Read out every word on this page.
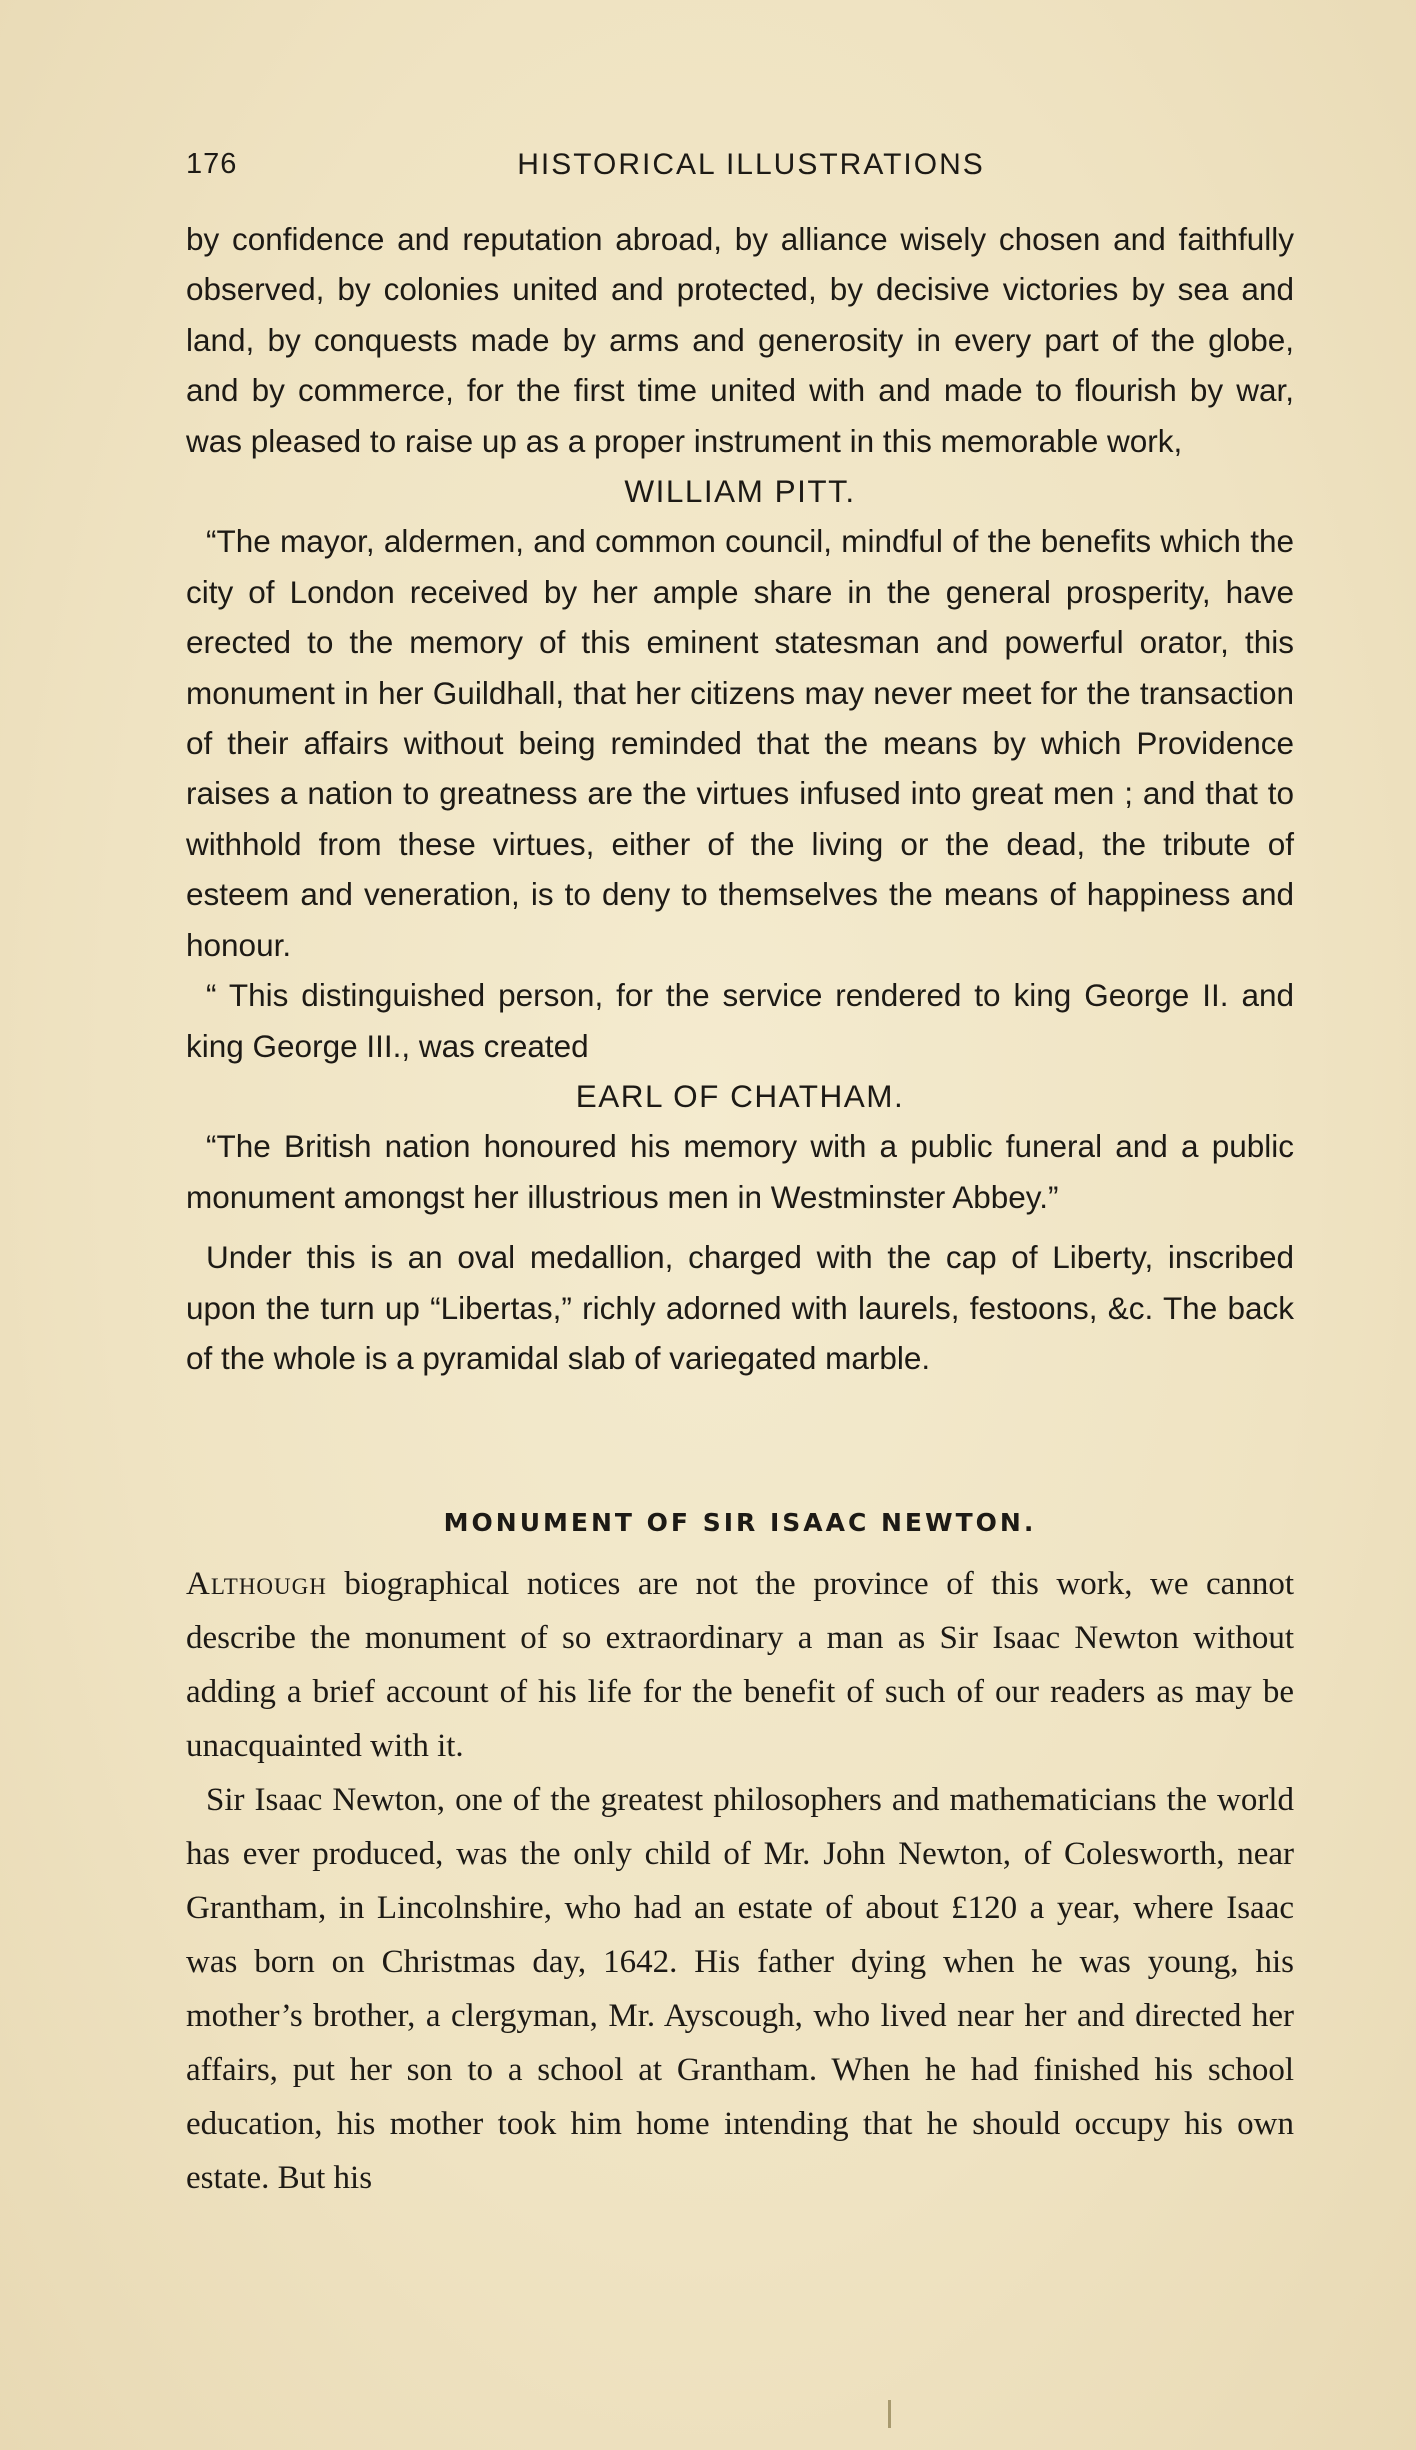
176	HISTORICAL ILLUSTRATIONS

by confidence and reputation abroad, by alliance wisely chosen and faithfully observed, by colonies united and protected, by decisive victories by sea and land, by conquests made by arms and generosity in every part of the globe, and by commerce, for the first time united with and made to flourish by war, was pleased to raise up as a proper instrument in this memorable work,

WILLIAM PITT.

“The mayor, aldermen, and common council, mindful of the benefits which the city of London received by her ample share in the general prosperity, have erected to the memory of this eminent statesman and powerful orator, this monument in her Guildhall, that her citizens may never meet for the transaction of their affairs without being reminded that the means by which Providence raises a nation to greatness are the virtues infused into great men ; and that to withhold from these virtues, either of the living or the dead, the tribute of esteem and veneration, is to deny to themselves the means of happiness and honour.

“ This distinguished person, for the service rendered to king George II. and king George III., was created

EARL OF CHATHAM.

“The British nation honoured his memory with a public funeral and a public monument amongst her illustrious men in Westminster Abbey.”

Under this is an oval medallion, charged with the cap of Liberty, inscribed upon the turn up “Libertas,” richly adorned with laurels, festoons, &c. The back of the whole is a pyramidal slab of variegated marble.

MONUMENT OF SIR ISAAC NEWTON.

Although biographical notices are not the province of this work, we cannot describe the monument of so extraordinary a man as Sir Isaac Newton without adding a brief account of his life for the benefit of such of our readers as may be unacquainted with it.

Sir Isaac Newton, one of the greatest philosophers and mathematicians the world has ever produced, was the only child of Mr. John Newton, of Colesworth, near Grantham, in Lincolnshire, who had an estate of about £120 a year, where Isaac was born on Christmas day, 1642. His father dying when he was young, his mother’s brother, a clergyman, Mr. Ayscough, who lived near her and directed her affairs, put her son to a school at Grantham. When he had finished his school education, his mother took him home intending that he should occupy his own estate. But his
